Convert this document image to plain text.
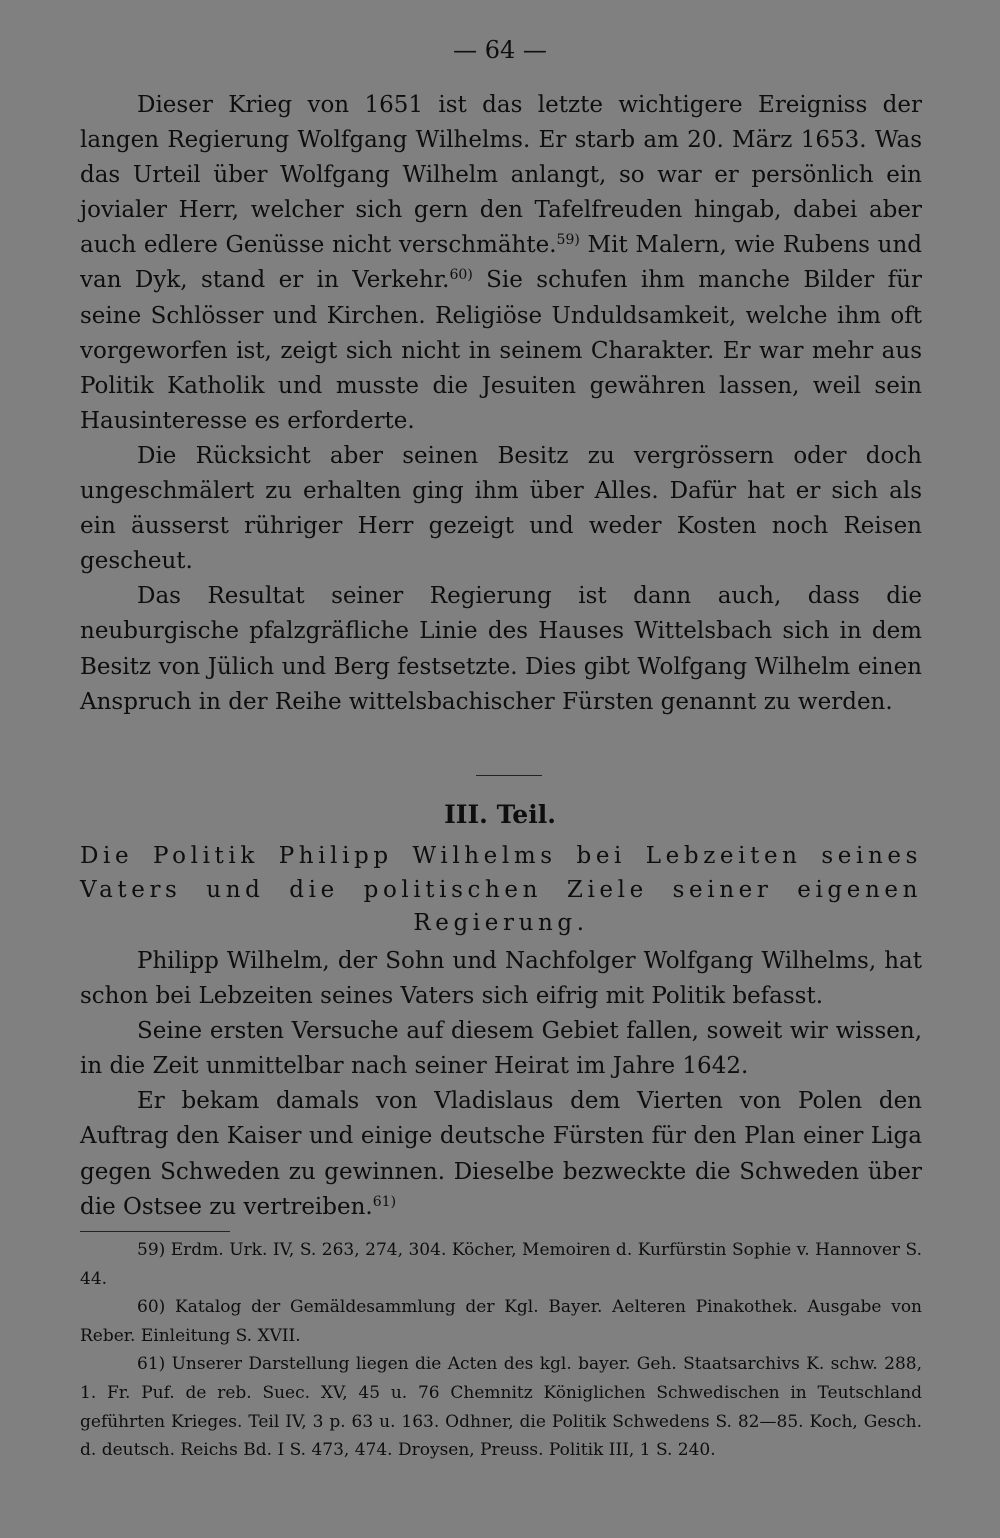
— 64 —

Dieser Krieg von 1651 ist das letzte wichtigere Ereigniss der langen Regierung Wolfgang Wilhelms. Er starb am 20. März 1653. Was das Urteil über Wolfgang Wilhelm anlangt, so war er persönlich ein jovialer Herr, welcher sich gern den Tafelfreuden hingab, dabei aber auch edlere Genüsse nicht verschmähte.$^{59)}$ Mit Malern, wie Rubens und van Dyk, stand er in Verkehr.$^{60)}$ Sie schufen ihm manche Bilder für seine Schlösser und Kirchen. Religiöse Unduldsamkeit, welche ihm oft vorgeworfen ist, zeigt sich nicht in seinem Charakter. Er war mehr aus Politik Katholik und musste die Jesuiten gewähren lassen, weil sein Hausinteresse es erforderte.

Die Rücksicht aber seinen Besitz zu vergrössern oder doch ungeschmälert zu erhalten ging ihm über Alles. Dafür hat er sich als ein äusserst rühriger Herr gezeigt und weder Kosten noch Reisen gescheut.

Das Resultat seiner Regierung ist dann auch, dass die neuburgische pfalzgräfliche Linie des Hauses Wittelsbach sich in dem Besitz von Jülich und Berg festsetzte. Dies gibt Wolfgang Wilhelm einen Anspruch in der Reihe wittelsbachischer Fürsten genannt zu werden.

III. Teil.
Die Politik Philipp Wilhelms bei Lebzeiten seines Vaters und die politischen Ziele seiner eigenen Regierung.

Philipp Wilhelm, der Sohn und Nachfolger Wolfgang Wilhelms, hat schon bei Lebzeiten seines Vaters sich eifrig mit Politik befasst.

Seine ersten Versuche auf diesem Gebiet fallen, soweit wir wissen, in die Zeit unmittelbar nach seiner Heirat im Jahre 1642.

Er bekam damals von Vladislaus dem Vierten von Polen den Auftrag den Kaiser und einige deutsche Fürsten für den Plan einer Liga gegen Schweden zu gewinnen. Dieselbe bezweckte die Schweden über die Ostsee zu vertreiben.$^{61)}$

59) Erdm. Urk. IV, S. 263, 274, 304. Köcher, Memoiren d. Kurfürstin Sophie v. Hannover S. 44.

60) Katalog der Gemäldesammlung der Kgl. Bayer. Aelteren Pinakothek. Ausgabe von Reber. Einleitung S. XVII.

61) Unserer Darstellung liegen die Acten des kgl. bayer. Geh. Staatsarchivs K. schw. 288, 1. Fr. Puf. de reb. Suec. XV, 45 u. 76 Chemnitz Königlichen Schwedischen in Teutschland geführten Krieges. Teil IV, 3 p. 63 u. 163. Odhner, die Politik Schwedens S. 82—85. Koch, Gesch. d. deutsch. Reichs Bd. I S. 473, 474. Droysen, Preuss. Politik III, 1 S. 240.
